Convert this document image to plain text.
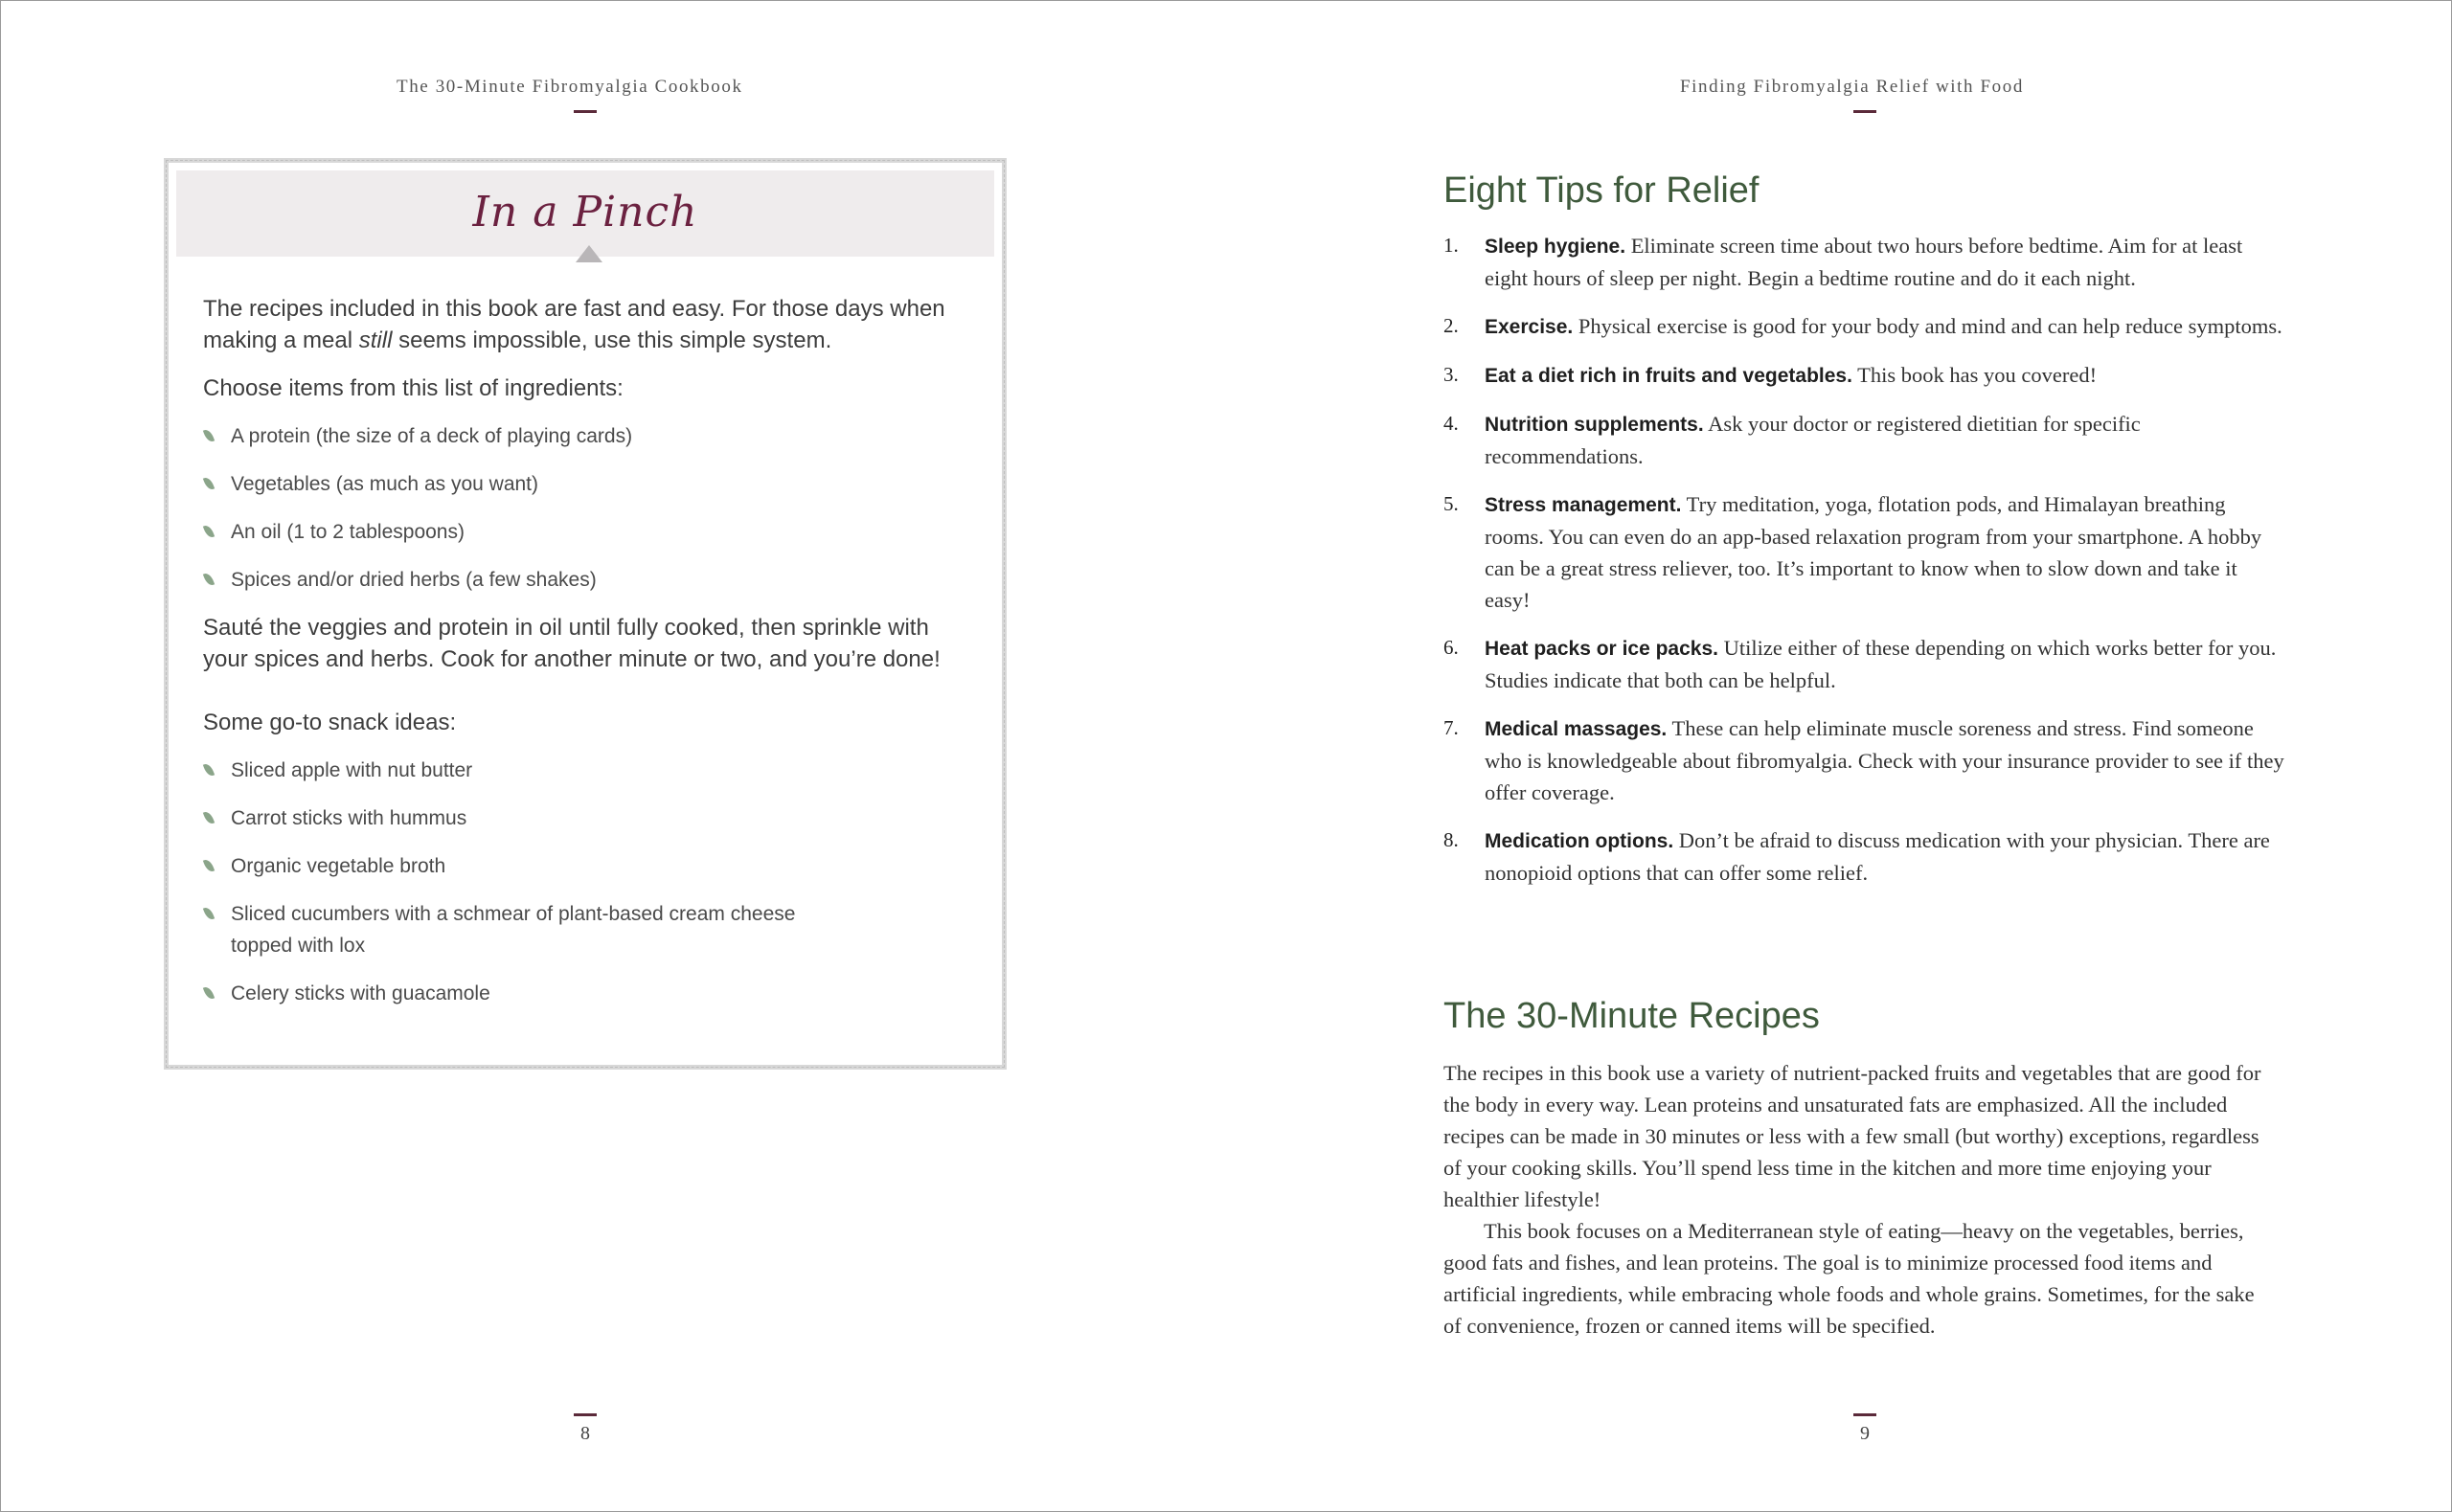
The 30-Minute Fibromyalgia Cookbook
In a Pinch

The recipes included in this book are fast and easy. For those days when making a meal still seems impossible, use this simple system.

Choose items from this list of ingredients:

A protein (the size of a deck of playing cards)
Vegetables (as much as you want)
An oil (1 to 2 tablespoons)
Spices and/or dried herbs (a few shakes)

Sauté the veggies and protein in oil until fully cooked, then sprinkle with your spices and herbs. Cook for another minute or two, and you’re done!

Some go-to snack ideas:

Sliced apple with nut butter
Carrot sticks with hummus
Organic vegetable broth
Sliced cucumbers with a schmear of plant-based cream cheese topped with lox
Celery sticks with guacamole
8
Finding Fibromyalgia Relief with Food
Eight Tips for Relief
1. Sleep hygiene. Eliminate screen time about two hours before bedtime. Aim for at least eight hours of sleep per night. Begin a bedtime routine and do it each night.
2. Exercise. Physical exercise is good for your body and mind and can help reduce symptoms.
3. Eat a diet rich in fruits and vegetables. This book has you covered!
4. Nutrition supplements. Ask your doctor or registered dietitian for specific recommendations.
5. Stress management. Try meditation, yoga, flotation pods, and Himalayan breathing rooms. You can even do an app-based relaxation program from your smartphone. A hobby can be a great stress reliever, too. It’s important to know when to slow down and take it easy!
6. Heat packs or ice packs. Utilize either of these depending on which works better for you. Studies indicate that both can be helpful.
7. Medical massages. These can help eliminate muscle soreness and stress. Find someone who is knowledgeable about fibromyalgia. Check with your insurance provider to see if they offer coverage.
8. Medication options. Don’t be afraid to discuss medication with your physician. There are nonopioid options that can offer some relief.
The 30-Minute Recipes

The recipes in this book use a variety of nutrient-packed fruits and vegetables that are good for the body in every way. Lean proteins and unsaturated fats are emphasized. All the included recipes can be made in 30 minutes or less with a few small (but worthy) exceptions, regardless of your cooking skills. You’ll spend less time in the kitchen and more time enjoying your healthier lifestyle!

This book focuses on a Mediterranean style of eating—heavy on the vegetables, berries, good fats and fishes, and lean proteins. The goal is to minimize processed food items and artificial ingredients, while embracing whole foods and whole grains. Sometimes, for the sake of convenience, frozen or canned items will be specified.

9
